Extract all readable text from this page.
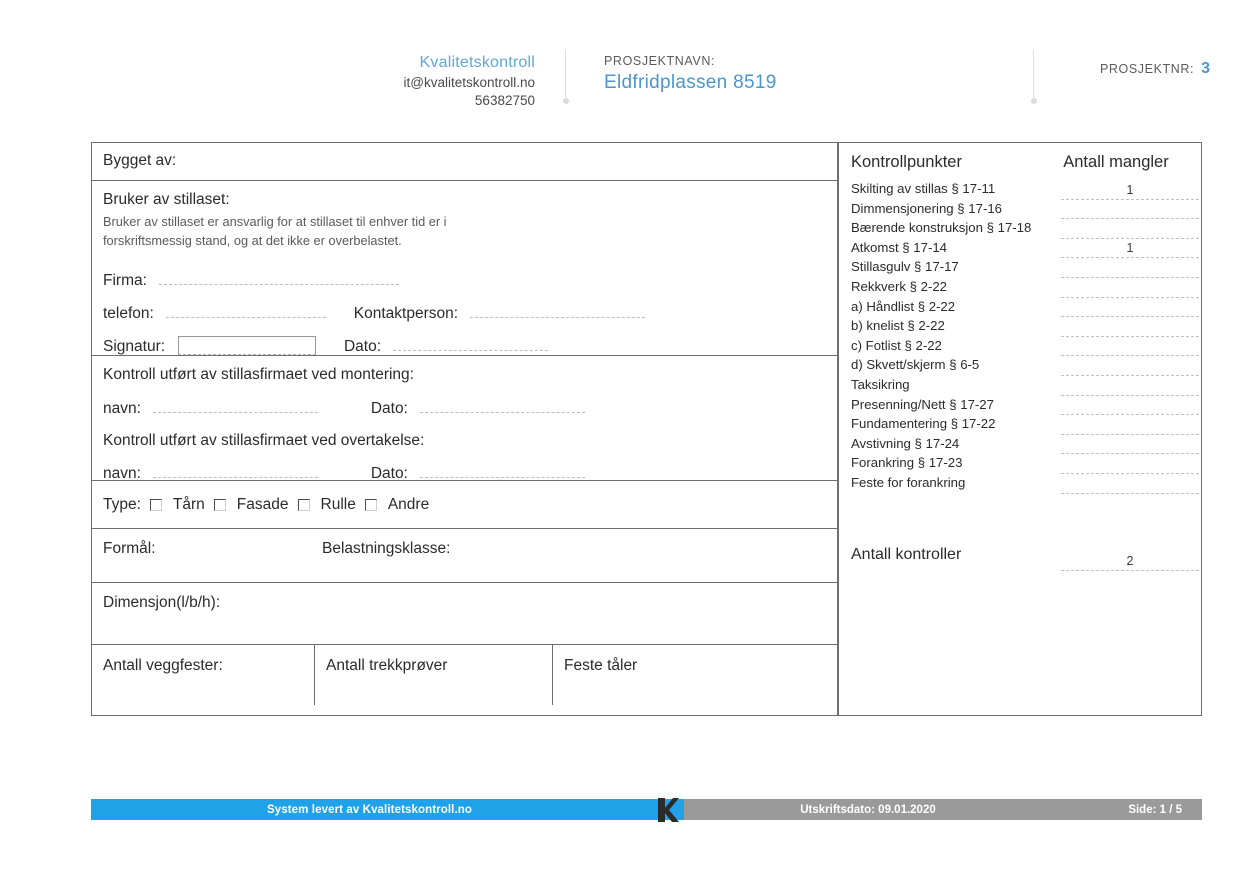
Kvalitetskontroll
it@kvalitetskontroll.no
56382750
PROSJEKTNAVN:
Eldfridplassen 8519
PROSJEKTNR: 3
Bygget av:
Bruker av stillaset:
Bruker av stillaset er ansvarlig for at stillaset til enhver tid er i
forskriftsmessig stand, og at det ikke er overbelastet.
Firma:
telefon:	Kontaktperson:
Signatur:	Dato:
Kontroll utført av stillasfirmaet ved montering:
navn:	Dato:
Kontroll utført av stillasfirmaet ved overtakelse:
navn:	Dato:
Type: Tårn Fasade Rulle Andre
Formål:	Belastningsklasse:
Dimensjon(l/b/h):
Antall veggfester:	Antall trekkprøver	Feste tåler
Kontrollpunkter	Antall mangler
Skilting av stillas § 17-11	1
Dimmensjonering § 17-16
Bærende konstruksjon § 17-18
Atkomst § 17-14	1
Stillasgulv § 17-17
Rekkverk § 2-22
a) Håndlist § 2-22
b) knelist § 2-22
c) Fotlist § 2-22
d) Skvett/skjerm § 6-5
Taksikring
Presenning/Nett § 17-27
Fundamentering § 17-22
Avstivning § 17-24
Forankring § 17-23
Feste for forankring
Antall kontroller	2
System levert av Kvalitetskontroll.no	Utskriftsdato: 09.01.2020	Side: 1 / 5
